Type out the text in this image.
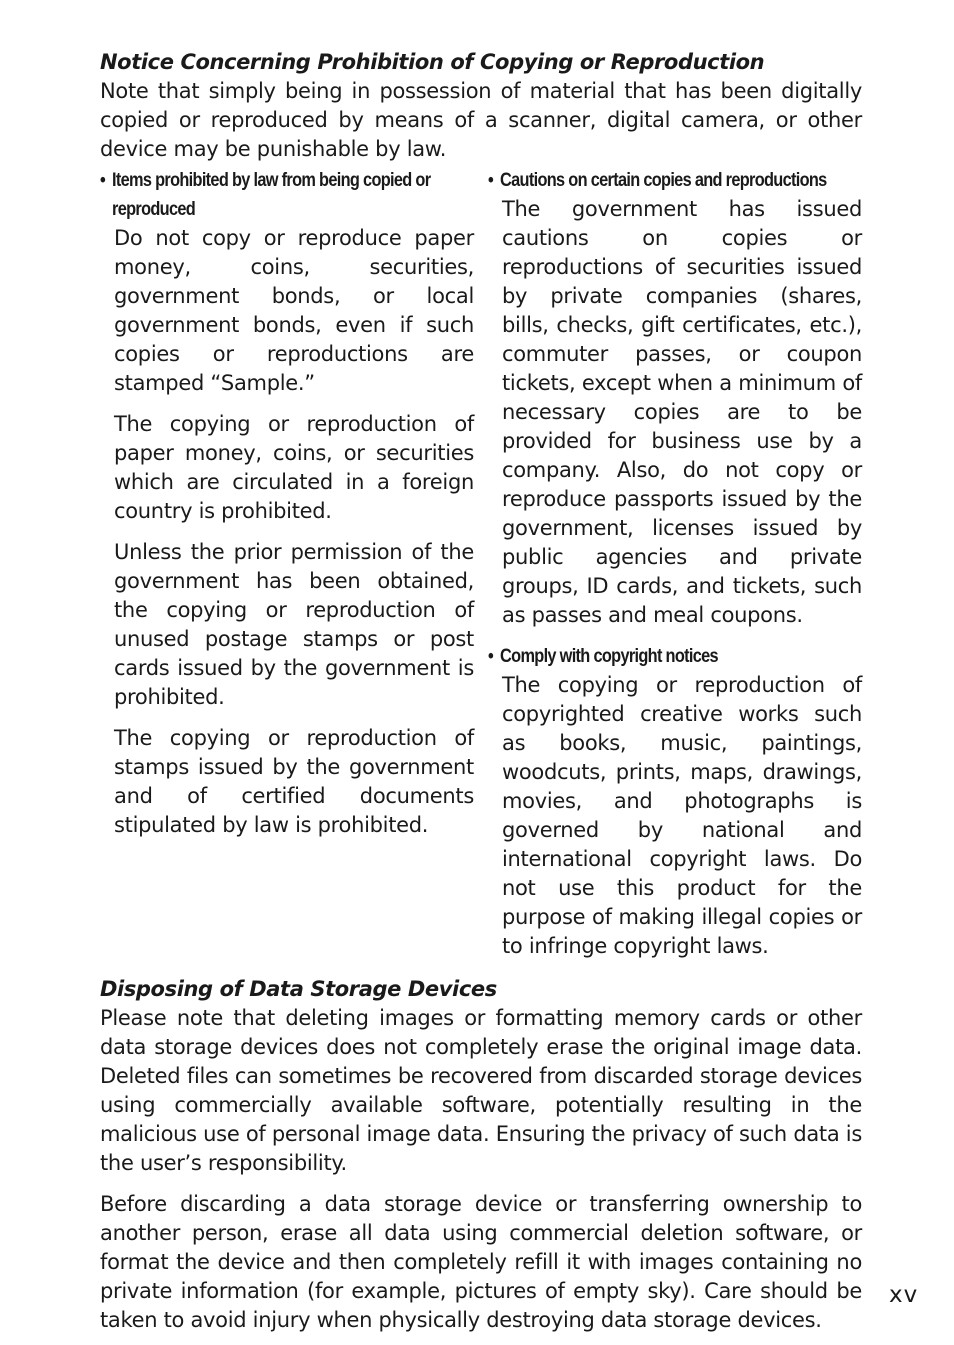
Notice Concerning Prohibition of Copying or Reproduction

Note that simply being in possession of material that has been digitally copied or reproduced by means of a scanner, digital camera, or other device may be punishable by law.

• Items prohibited by law from being copied or reproduced

Do not copy or reproduce paper money, coins, securities, government bonds, or local government bonds, even if such copies or reproductions are stamped “Sample.”

The copying or reproduction of paper money, coins, or securities which are circulated in a foreign country is prohibited.

Unless the prior permission of the government has been obtained, the copying or reproduction of unused postage stamps or post cards issued by the government is prohibited.

The copying or reproduction of stamps issued by the government and of certified documents stipulated by law is prohibited.

• Cautions on certain copies and reproductions

The government has issued cautions on copies or reproductions of securities issued by private companies (shares, bills, checks, gift certificates, etc.), commuter passes, or coupon tickets, except when a minimum of necessary copies are to be provided for business use by a company. Also, do not copy or reproduce passports issued by the government, licenses issued by public agencies and private groups, ID cards, and tickets, such as passes and meal coupons.

• Comply with copyright notices

The copying or reproduction of copyrighted creative works such as books, music, paintings, woodcuts, prints, maps, drawings, movies, and photographs is governed by national and international copyright laws. Do not use this product for the purpose of making illegal copies or to infringe copyright laws.

Disposing of Data Storage Devices

Please note that deleting images or formatting memory cards or other data storage devices does not completely erase the original image data. Deleted files can sometimes be recovered from discarded storage devices using commercially available software, potentially resulting in the malicious use of personal image data. Ensuring the privacy of such data is the user’s responsibility.

Before discarding a data storage device or transferring ownership to another person, erase all data using commercial deletion software, or format the device and then completely refill it with images containing no private information (for example, pictures of empty sky). Care should be taken to avoid injury when physically destroying data storage devices.

xv
